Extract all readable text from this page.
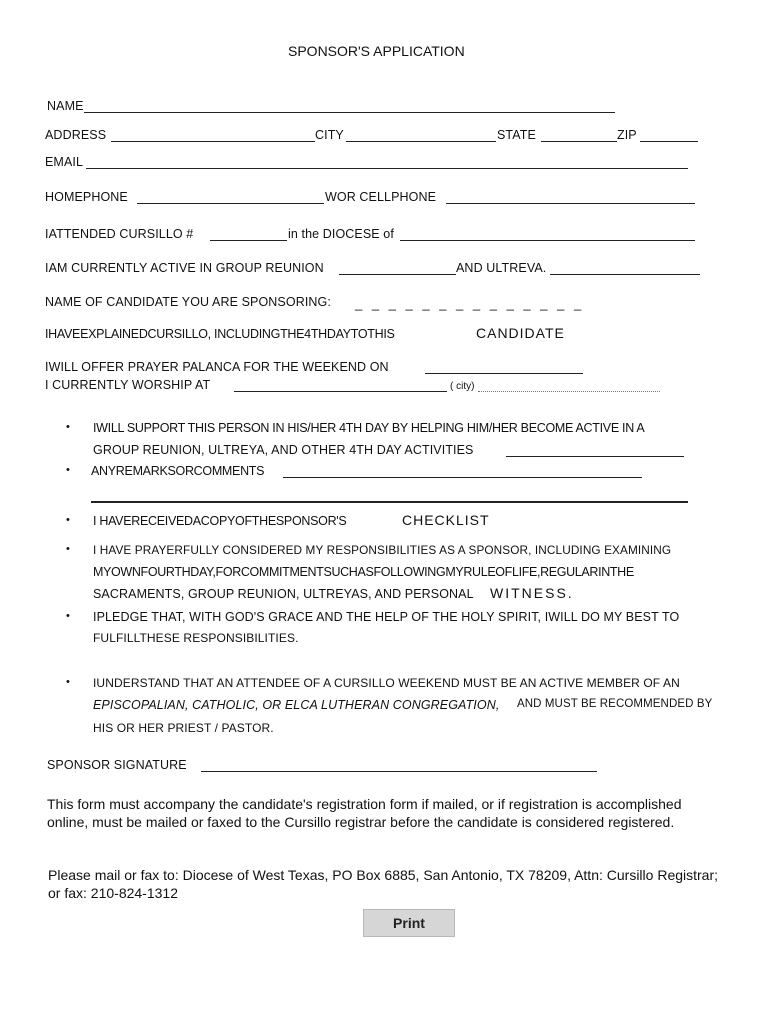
SPONSOR'S APPLICATION
NAME
ADDRESS	CITY	STATE	ZIP
EMAIL
HOMEPHONE	WOR CELLPHONE
IATTENDED CURSILLO #	in the DIOCESE of
IAM CURRENTLY ACTIVE IN GROUP REUNION	AND ULTREVA.
NAME OF CANDIDATE YOU ARE SPONSORING: _ _ _ _ _ _ _ _ _ _ _ _ _ _
IHAVEEXPLAINEDCURSILLO, INCLUDINGTHE4THDAYTOTHIS	CANDIDATE
IWILL OFFER PRAYER PALANCA FOR THE WEEKEND ON
I CURRENTLY WORSHIP AT	( city)
• IWILL SUPPORT THIS PERSON IN HIS/HER 4TH DAY BY HELPING HIM/HER BECOME ACTIVE IN A
GROUP REUNION, ULTREYA, AND OTHER 4TH DAY ACTIVITIES
• ANYREMARKSORCOMMENTS
• I HAVERECEIVEDACOPYOFTHESPONSOR'S	CHECKLIST
• I HAVE PRAYERFULLY CONSIDERED MY RESPONSIBILITIES AS A SPONSOR, INCLUDING EXAMINING
MYOWNFOURTHDAY,FORCOMMITMENTSUCHASFOLLOWINGMYRULEOFLIFE,REGULARINTHE
SACRAMENTS, GROUP REUNION, ULTREYAS, AND PERSONAL WITNESS.
• IPLEDGE THAT, WITH GOD'S GRACE AND THE HELP OF THE HOLY SPIRIT, IWILL DO MY BEST TO
FULFILLTHESE RESPONSIBILITIES.
• IUNDERSTAND THAT AN ATTENDEE OF A CURSILLO WEEKEND MUST BE AN ACTIVE MEMBER OF AN
EPISCOPALIAN, CATHOLIC, OR ELCA LUTHERAN CONGREGATION, AND MUST BE RECOMMENDED BY
HIS OR HER PRIEST / PASTOR.
SPONSOR SIGNATURE
This form must accompany the candidate's registration form if mailed, or if registration is accomplished online, must be mailed or faxed to the Cursillo registrar before the candidate is considered registered.
Please mail or fax to: Diocese of West Texas, PO Box 6885, San Antonio, TX 78209, Attn: Cursillo Registrar; or fax: 210-824-1312
Print
